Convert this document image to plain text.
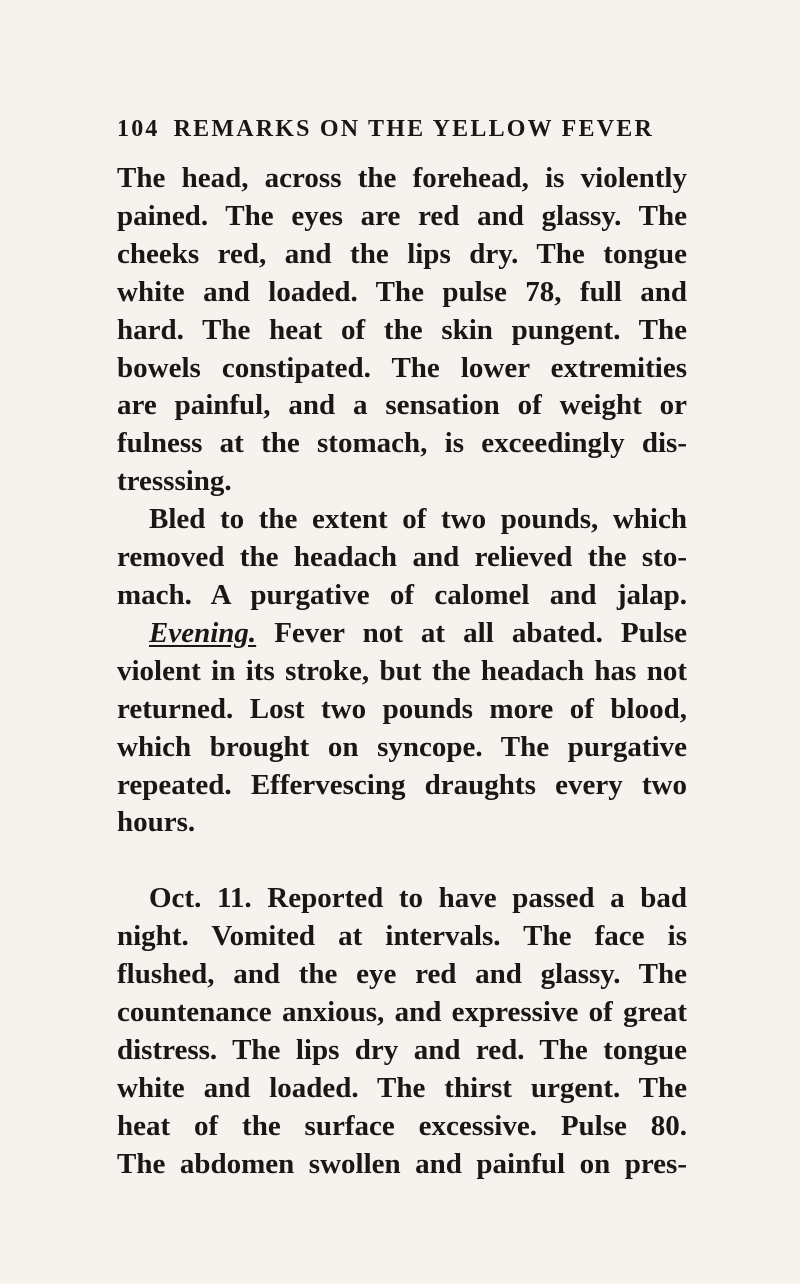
104 REMARKS ON THE YELLOW FEVER
The head, across the forehead, is violently
pained. The eyes are red and glassy. The
cheeks red, and the lips dry. The tongue
white and loaded. The pulse 78, full and
hard. The heat of the skin pungent. The
bowels constipated. The lower extremities
are painful, and a sensation of weight or
fulness at the stomach, is exceedingly dis-
tresssing.
Bled to the extent of two pounds, which
removed the headach and relieved the sto-
mach. A purgative of calomel and jalap.
Evening. Fever not at all abated. Pulse
violent in its stroke, but the headach has not
returned. Lost two pounds more of blood,
which brought on syncope. The purgative
repeated. Effervescing draughts every two
hours.
Oct. 11. Reported to have passed a bad
night. Vomited at intervals. The face is
flushed, and the eye red and glassy. The
countenance anxious, and expressive of great
distress. The lips dry and red. The tongue
white and loaded. The thirst urgent. The
heat of the surface excessive. Pulse 80.
The abdomen swollen and painful on pres-
